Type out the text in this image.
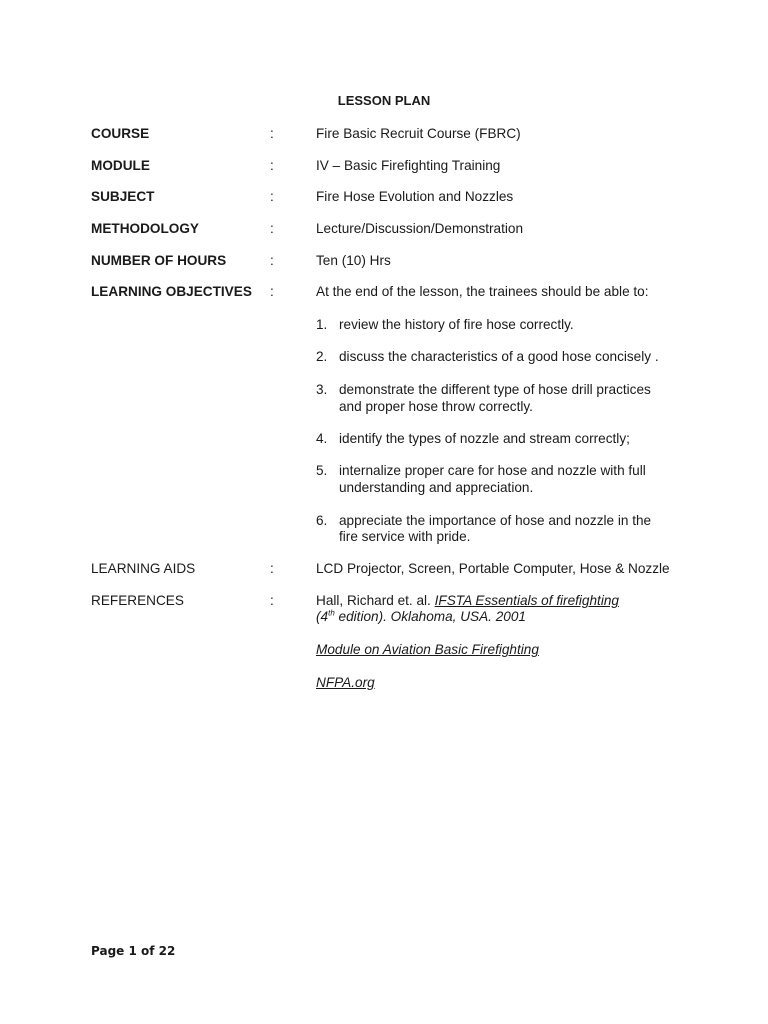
LESSON PLAN
COURSE	:	Fire Basic Recruit Course (FBRC)
MODULE	:	IV – Basic Firefighting Training
SUBJECT	:	Fire Hose Evolution and Nozzles
METHODOLOGY	:	Lecture/Discussion/Demonstration
NUMBER OF HOURS	:	Ten (10) Hrs
LEARNING OBJECTIVES :	At the end of the lesson, the trainees should be able to:
1. review the history of fire hose correctly.
2. discuss the characteristics of a good hose concisely .
3. demonstrate the different type of hose drill practices
and proper hose throw correctly.
4. identify the types of nozzle and stream correctly;
5. internalize proper care for hose and nozzle with full
understanding and appreciation.
6. appreciate the importance of hose and nozzle in the
fire service with pride.
LEARNING AIDS	:	LCD Projector, Screen, Portable Computer, Hose & Nozzle
REFERENCES	:	Hall, Richard et. al. IFSTA Essentials of firefighting
(4th edition). Oklahoma, USA. 2001
Module on Aviation Basic Firefighting
NFPA.org
Page 1 of 22
